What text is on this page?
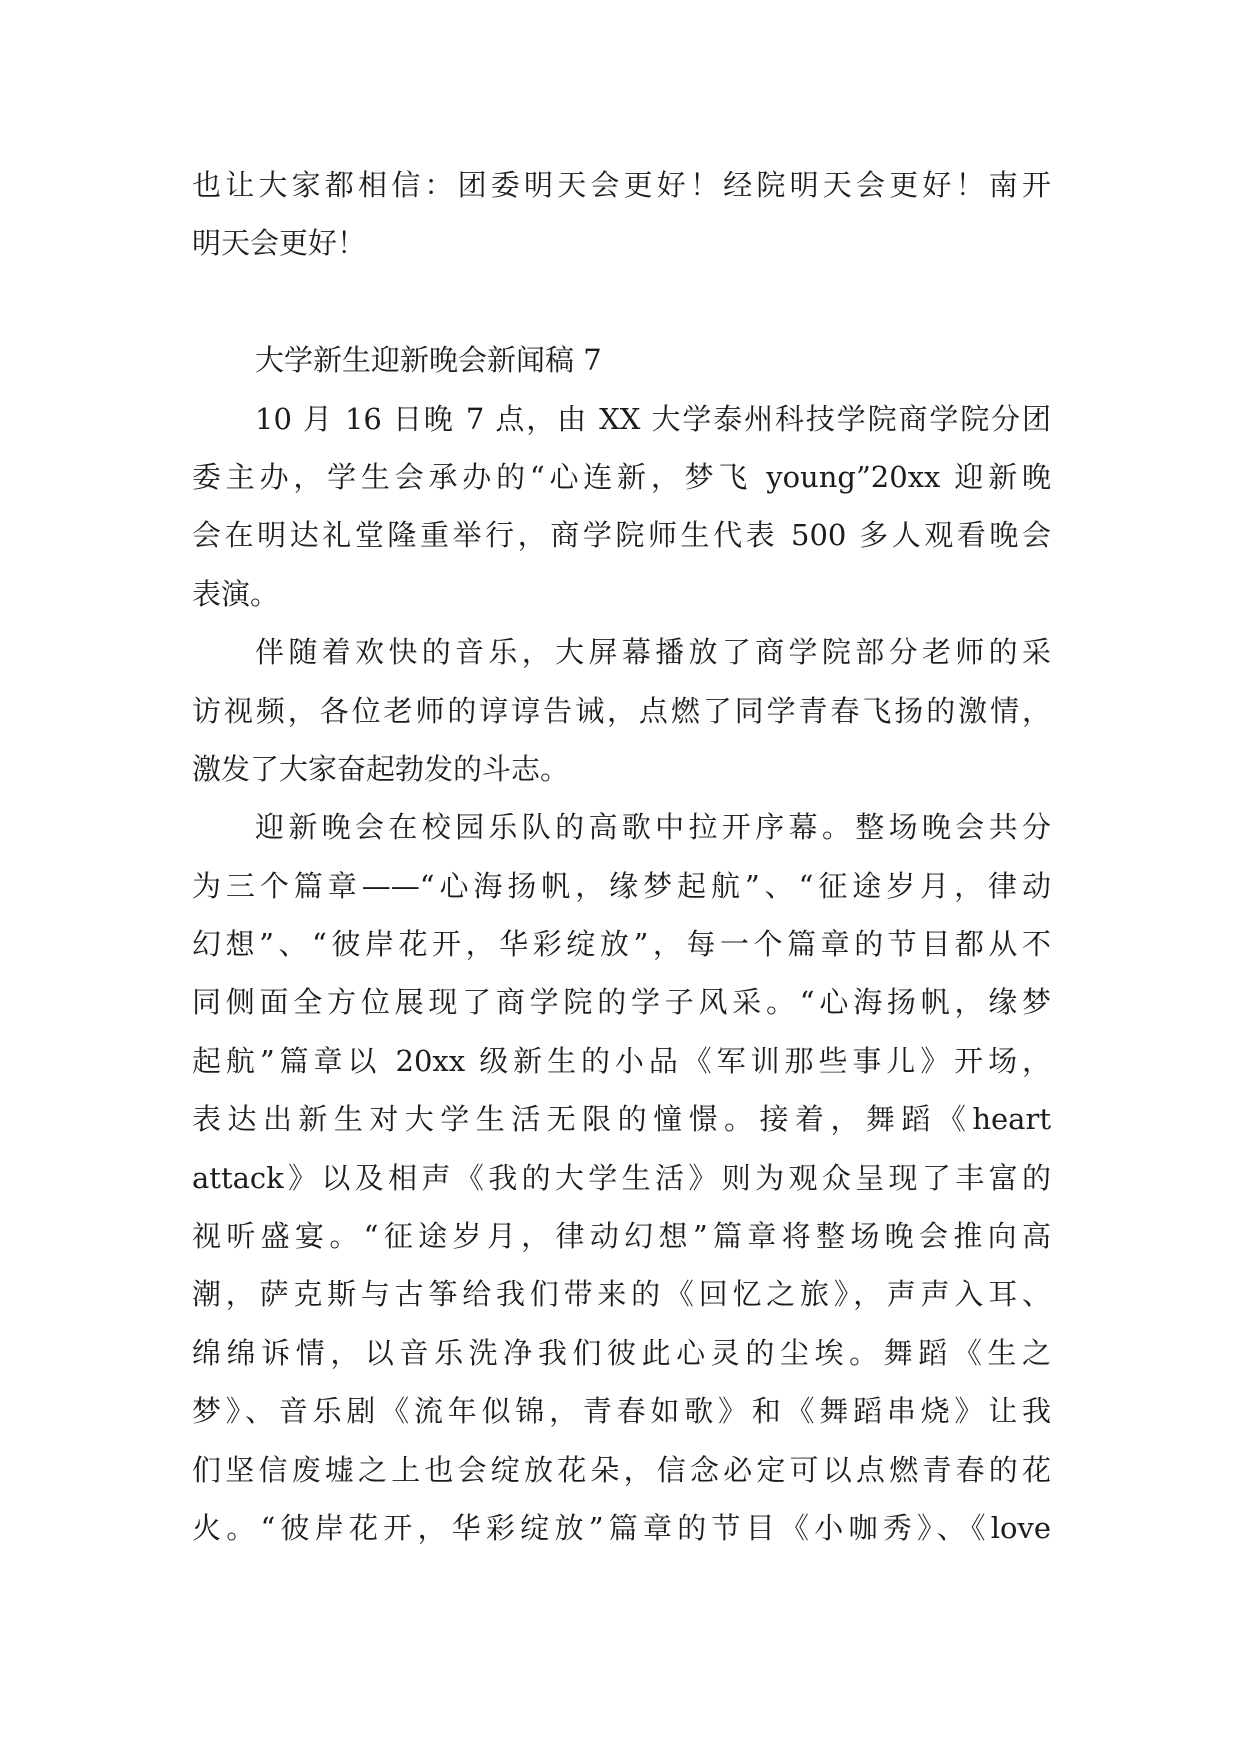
也让大家都相信：团委明天会更好！经院明天会更好！南开
明天会更好！
大学新生迎新晚会新闻稿 7
10 月 16 日晚 7 点，由 XX 大学泰州科技学院商学院分团
委主办，学生会承办的“心连新，梦飞 young”20xx 迎新晚
会在明达礼堂隆重举行，商学院师生代表 500 多人观看晚会
表演。
伴随着欢快的音乐，大屏幕播放了商学院部分老师的采
访视频，各位老师的谆谆告诫，点燃了同学青春飞扬的激情，
激发了大家奋起勃发的斗志。
迎新晚会在校园乐队的高歌中拉开序幕。整场晚会共分
为三个篇章——“心海扬帆，缘梦起航”、“征途岁月，律动
幻想”、“彼岸花开，华彩绽放”，每一个篇章的节目都从不
同侧面全方位展现了商学院的学子风采。“心海扬帆，缘梦
起航”篇章以 20xx 级新生的小品《军训那些事儿》开场，
表达出新生对大学生活无限的憧憬。接着，舞蹈《heart
attack》以及相声《我的大学生活》则为观众呈现了丰富的
视听盛宴。“征途岁月，律动幻想”篇章将整场晚会推向高
潮，萨克斯与古筝给我们带来的《回忆之旅》，声声入耳、
绵绵诉情，以音乐洗净我们彼此心灵的尘埃。舞蹈《生之
梦》、音乐剧《流年似锦，青春如歌》和《舞蹈串烧》让我
们坚信废墟之上也会绽放花朵，信念必定可以点燃青春的花
火。“彼岸花开，华彩绽放”篇章的节目《小咖秀》、《love
